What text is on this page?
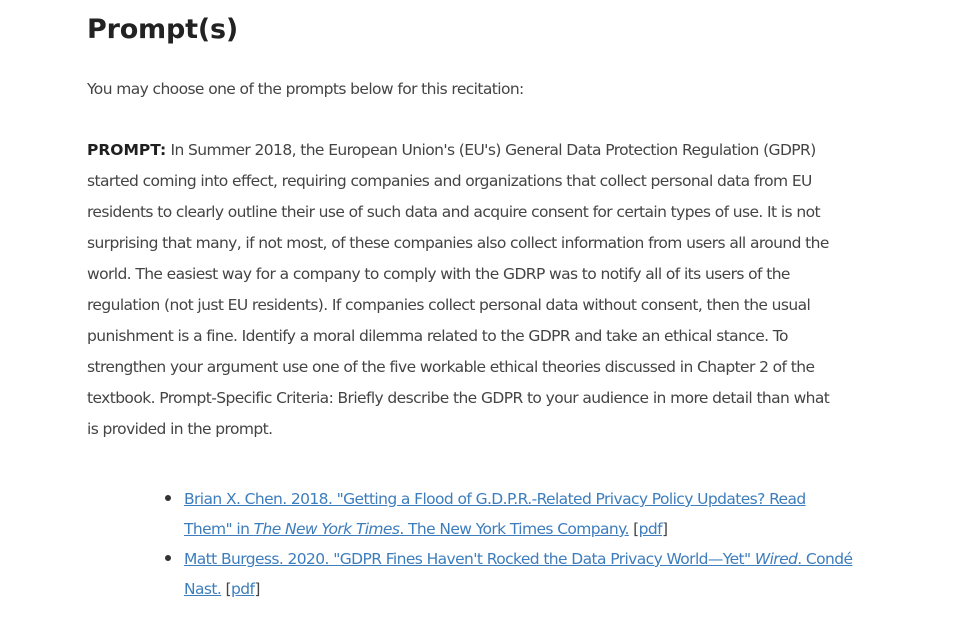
Prompt(s)

You may choose one of the prompts below for this recitation:

PROMPT: In Summer 2018, the European Union's (EU's) General Data Protection Regulation (GDPR)
started coming into effect, requiring companies and organizations that collect personal data from EU
residents to clearly outline their use of such data and acquire consent for certain types of use. It is not
surprising that many, if not most, of these companies also collect information from users all around the
world. The easiest way for a company to comply with the GDRP was to notify all of its users of the
regulation (not just EU residents). If companies collect personal data without consent, then the usual
punishment is a fine. Identify a moral dilemma related to the GDPR and take an ethical stance. To
strengthen your argument use one of the five workable ethical theories discussed in Chapter 2 of the
textbook. Prompt-Specific Criteria: Briefly describe the GDPR to your audience in more detail than what
is provided in the prompt.
Brian X. Chen. 2018. "Getting a Flood of G.D.P.R.-Related Privacy Policy Updates? Read
Them" in The New York Times. The New York Times Company. [pdf]
Matt Burgess. 2020. "GDPR Fines Haven't Rocked the Data Privacy World—Yet" Wired. Condé
Nast. [pdf]
